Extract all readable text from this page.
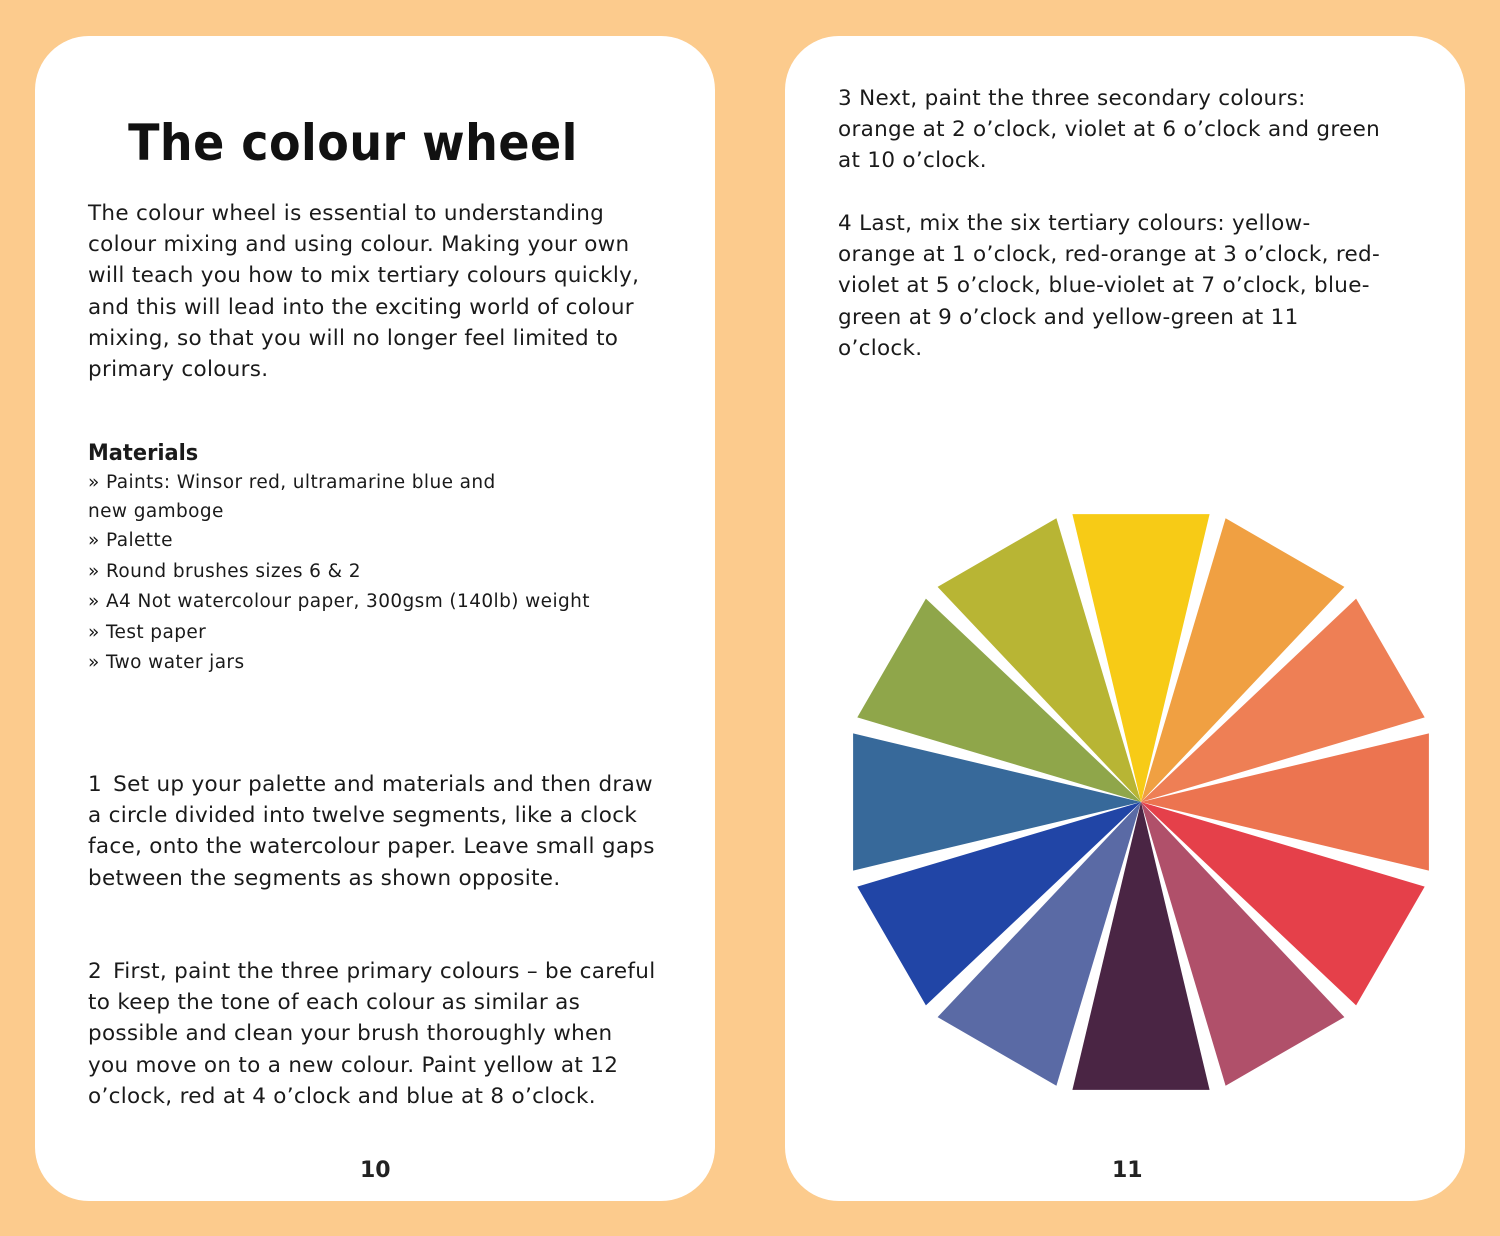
The colour wheel

The colour wheel is essential to understanding colour mixing and using colour. Making your own will teach you how to mix tertiary colours quickly, and this will lead into the exciting world of colour mixing, so that you will no longer feel limited to primary colours.

Materials
» Paints: Winsor red, ultramarine blue and new gamboge
» Palette
» Round brushes sizes 6 & 2
» A4 Not watercolour paper, 300gsm (140lb) weight
» Test paper
» Two water jars

1 Set up your palette and materials and then draw a circle divided into twelve segments, like a clock face, onto the watercolour paper. Leave small gaps between the segments as shown opposite.

2 First, paint the three primary colours – be careful to keep the tone of each colour as similar as possible and clean your brush thoroughly when you move on to a new colour. Paint yellow at 12 o’clock, red at 4 o’clock and blue at 8 o’clock.

10

3 Next, paint the three secondary colours: orange at 2 o’clock, violet at 6 o’clock and green at 10 o’clock.

4 Last, mix the six tertiary colours: yellow-orange at 1 o’clock, red-orange at 3 o’clock, red-violet at 5 o’clock, blue-violet at 7 o’clock, blue-green at 9 o’clock and yellow-green at 11 o’clock.

11
